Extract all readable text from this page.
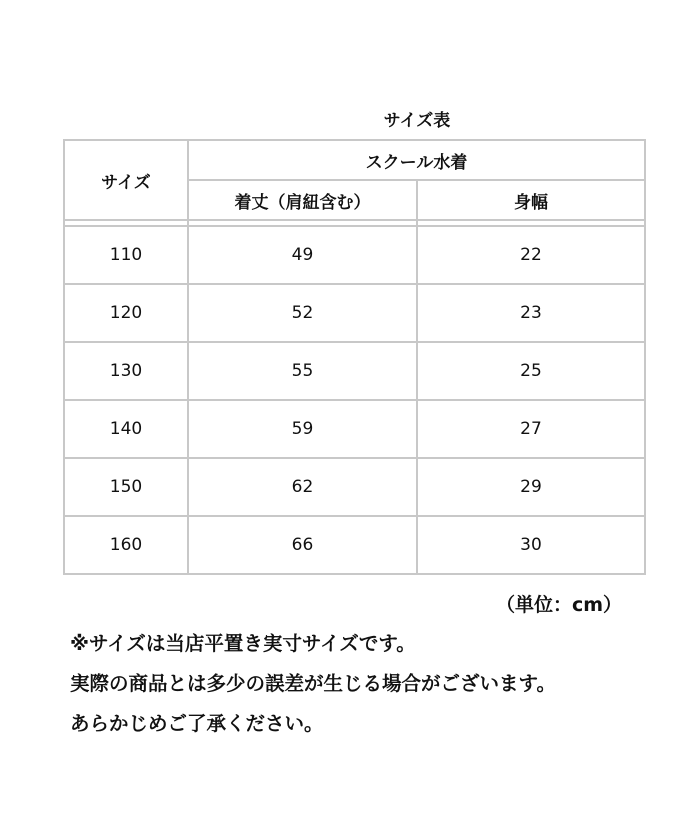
サイズ表
サイズ	スクール水着	
	着丈（肩紐含む）	身幅

110	49	22
120	52	23
130	55	25
140	59	27
150	62	29
160	66	30
（単位：cm）
※サイズは当店平置き実寸サイズです。
実際の商品とは多少の誤差が生じる場合がございます。
あらかじめご了承ください。
